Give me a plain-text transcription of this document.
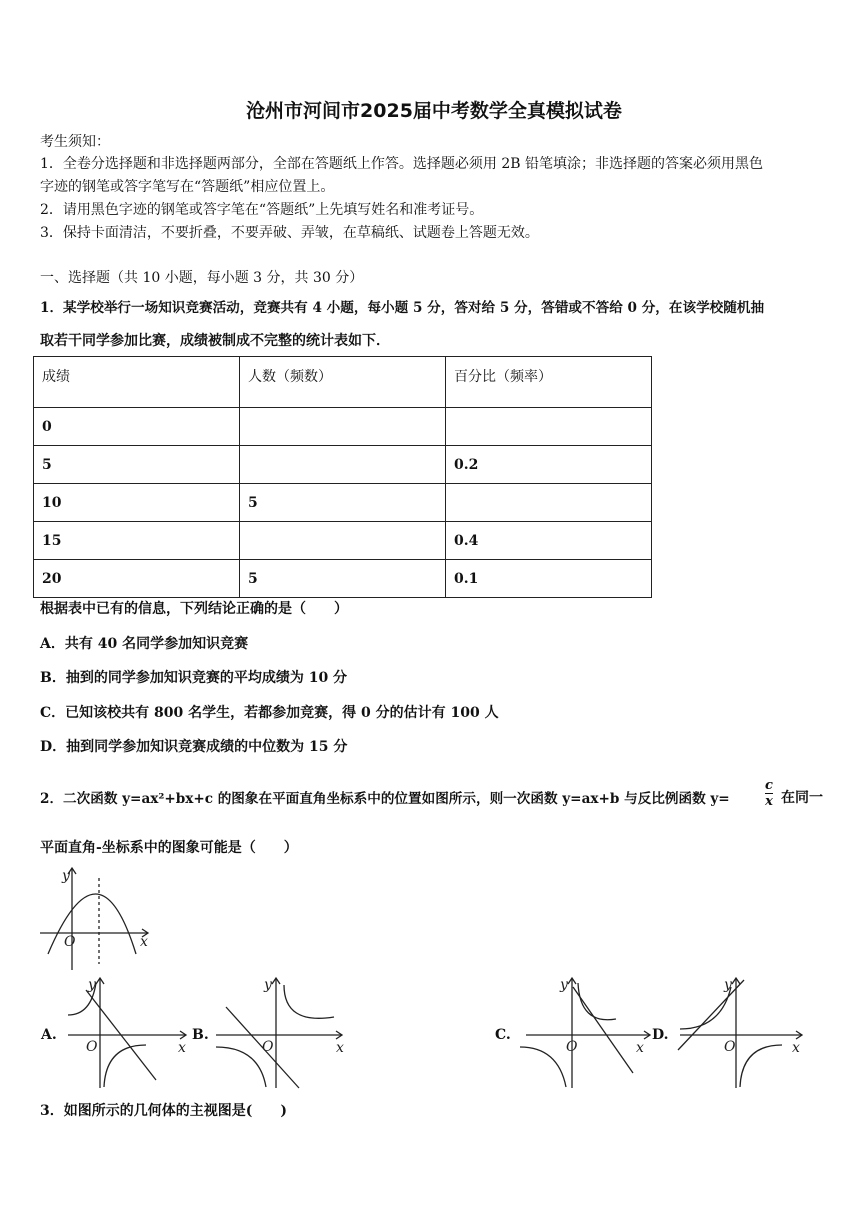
沧州市河间市2025届中考数学全真模拟试卷
考生须知：
1．全卷分选择题和非选择题两部分，全部在答题纸上作答。选择题必须用 2B 铅笔填涂；非选择题的答案必须用黑色
字迹的钢笔或答字笔写在“答题纸”相应位置上。
2．请用黑色字迹的钢笔或答字笔在“答题纸”上先填写姓名和准考证号。
3．保持卡面清洁，不要折叠，不要弄破、弄皱，在草稿纸、试题卷上答题无效。
一、选择题（共 10 小题，每小题 3 分，共 30 分）
1．某学校举行一场知识竞赛活动，竞赛共有 4 小题，每小题 5 分，答对给 5 分，答错或不答给 0 分，在该学校随机抽
取若干同学参加比赛，成绩被制成不完整的统计表如下．
成绩	人数（频数）	百分比（频率）
0		
5		0.2
10	5	
15		0.4
20	5	0.1
根据表中已有的信息，下列结论正确的是（　　）
A．共有 40 名同学参加知识竞赛
B．抽到的同学参加知识竞赛的平均成绩为 10 分
C．已知该校共有 800 名学生，若都参加竞赛，得 0 分的估计有 100 人
D．抽到同学参加知识竞赛成绩的中位数为 15 分
2．二次函数 y=ax²+bx+c 的图象在平面直角坐标系中的位置如图所示，则一次函数 y=ax+b 与反比例函数 y=	$\frac{c}{x}$ 在同一
平面直角-坐标系中的图象可能是（　　）
y
O	x
A.
y
O	x
B.
y
O	x
C.
y
O	x
D.
y
O	x
3．如图所示的几何体的主视图是(　　)
